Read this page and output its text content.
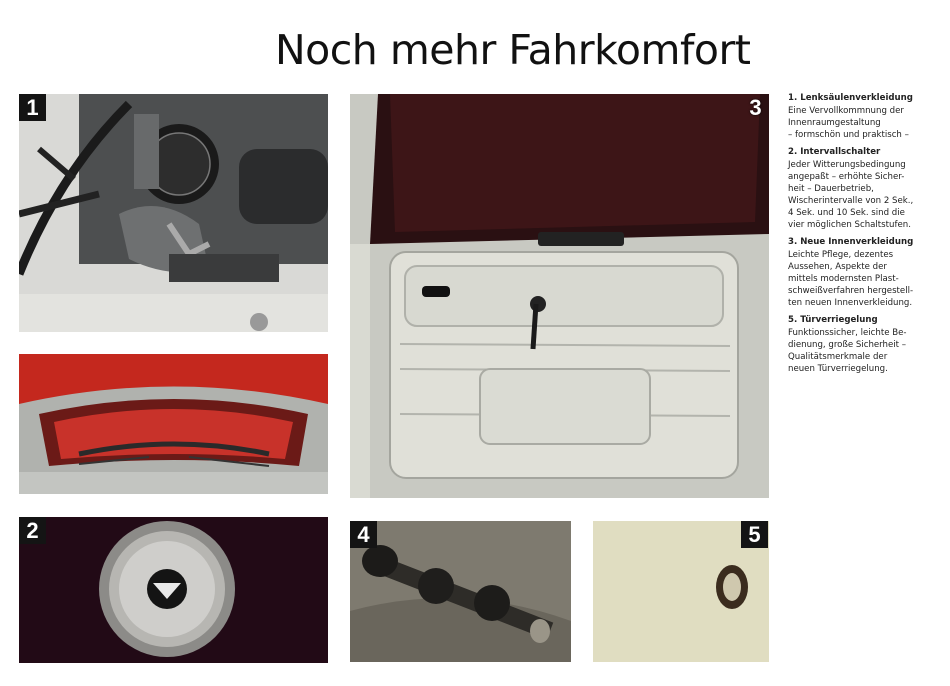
Noch mehr Fahrkomfort
1
2
3
4	5

1. Lenksäulenverkleidung

Eine Vervollkommnung der
Innenraumgestaltung
– formschön und praktisch –

2. Intervallschalter

Jeder Witterungsbedingung
angepaßt – erhöhte Sicher-
heit – Dauerbetrieb,
Wischerintervalle von 2 Sek.,
4 Sek. und 10 Sek. sind die
vier möglichen Schaltstufen.

3. Neue Innenverkleidung

Leichte Pflege, dezentes
Aussehen, Aspekte der
mittels modernsten Plast-
schweißverfahren hergestell-
ten neuen Innenverkleidung.

5. Türverriegelung

Funktionssicher, leichte Be-
dienung, große Sicherheit –
Qualitätsmerkmale der
neuen Türverriegelung.
